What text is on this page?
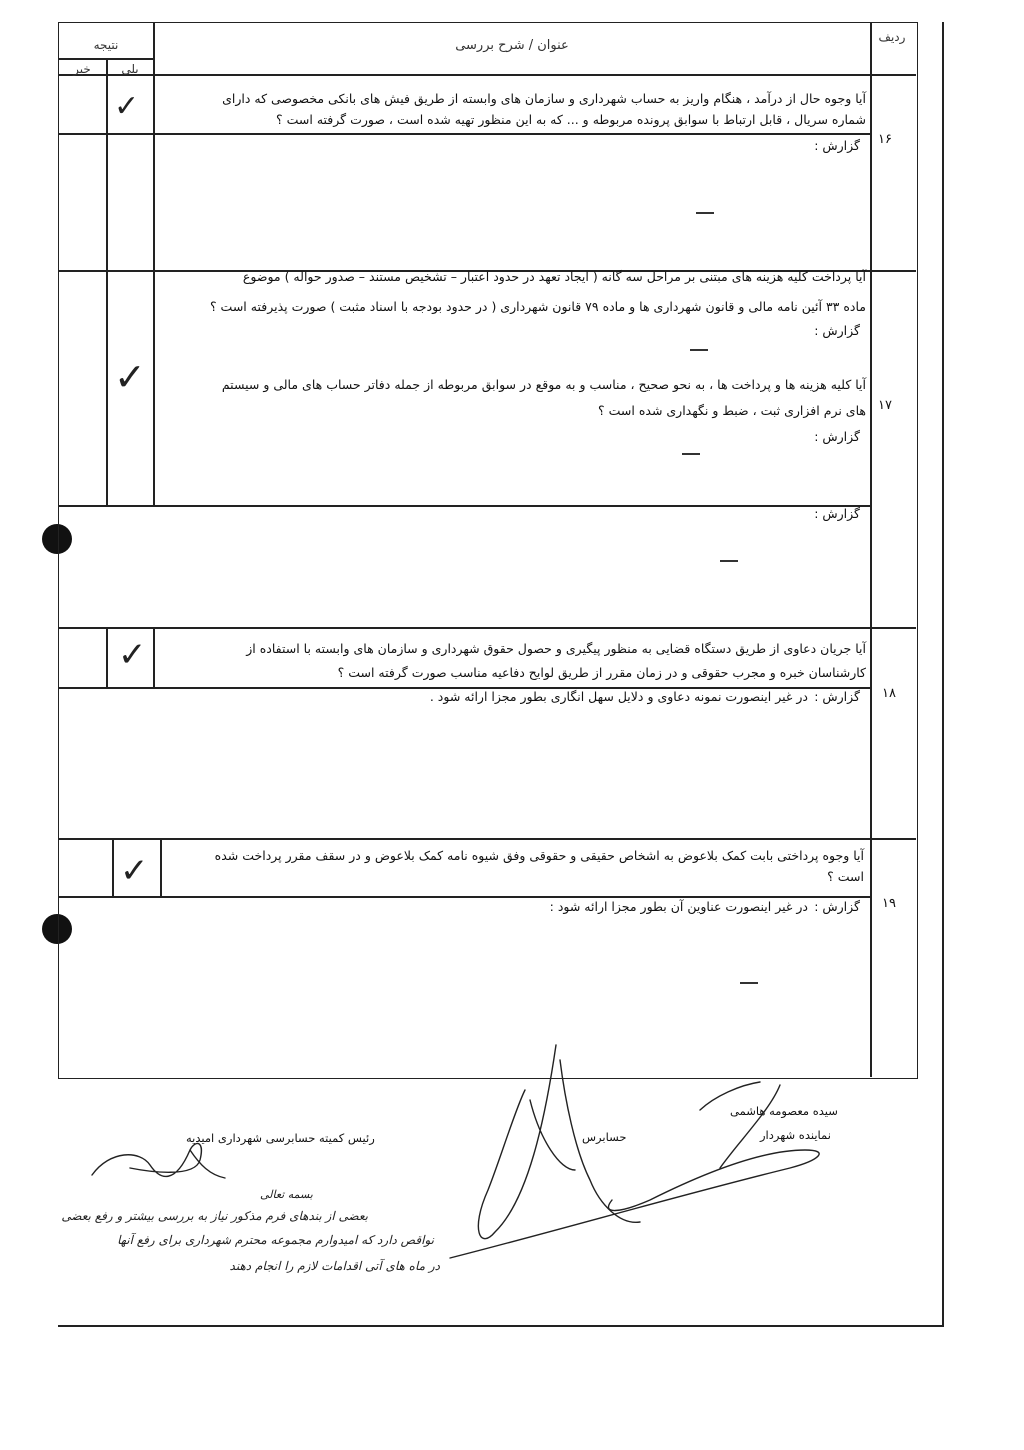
ردیف
عنوان / شرح بررسی
نتیجه
بلی
خیر
۱۶
آیا وجوه حال از درآمد ، هنگام واریز به حساب شهرداری و سازمان های وابسته از طریق فیش های بانکی مخصوصی که دارای
شماره سریال ، قابل ارتباط با سوابق پرونده مربوطه و ... که به این منظور تهیه شده است ، صورت گرفته است ؟
✓
گزارش :
۱۷
آیا پرداخت کلیه هزینه های مبتنی بر مراحل سه گانه ( ایجاد تعهد در حدود اعتبار – تشخیص مستند – صدور حواله ) موضوع
ماده ۳۳ آئین نامه مالی و قانون شهرداری ها و ماده ۷۹ قانون شهرداری ( در حدود بودجه با اسناد مثبت ) صورت پذیرفته است ؟
گزارش :
آیا کلیه هزینه ها و پرداخت ها ، به نحو صحیح ، مناسب و به موقع در سوابق مربوطه از جمله دفاتر حساب های مالی و سیستم
های نرم افزاری ثبت ، ضبط و نگهداری شده است ؟
گزارش :
✓
گزارش :
۱۸
آیا جریان دعاوی از طریق دستگاه قضایی به منظور پیگیری و حصول حقوق شهرداری و سازمان های وابسته با استفاده از
کارشناسان خبره و مجرب حقوقی و در زمان مقرر از طریق لوایح دفاعیه مناسب صورت گرفته است ؟
✓
گزارش :
در غیر اینصورت نمونه دعاوی و دلایل سهل انگاری بطور مجزا ارائه شود .
۱۹
آیا وجوه پرداختی بابت کمک بلاعوض به اشخاص حقیقی و حقوقی وفق شیوه نامه کمک بلاعوض و در سقف مقرر پرداخت شده
است ؟
✓
گزارش :
در غیر اینصورت عناوین آن بطور مجزا ارائه شود :
سیده معصومه هاشمی
نماینده شهردار
حسابرس
رئیس کمیته حسابرسی شهرداری امیدیه
بسمه تعالی
بعضی از بندهای فرم مذکور نیاز به بررسی بیشتر و رفع بعضی
نواقص دارد که امیدوارم مجموعه محترم شهرداری برای رفع آنها
در ماه های آتی اقدامات لازم را انجام دهند
